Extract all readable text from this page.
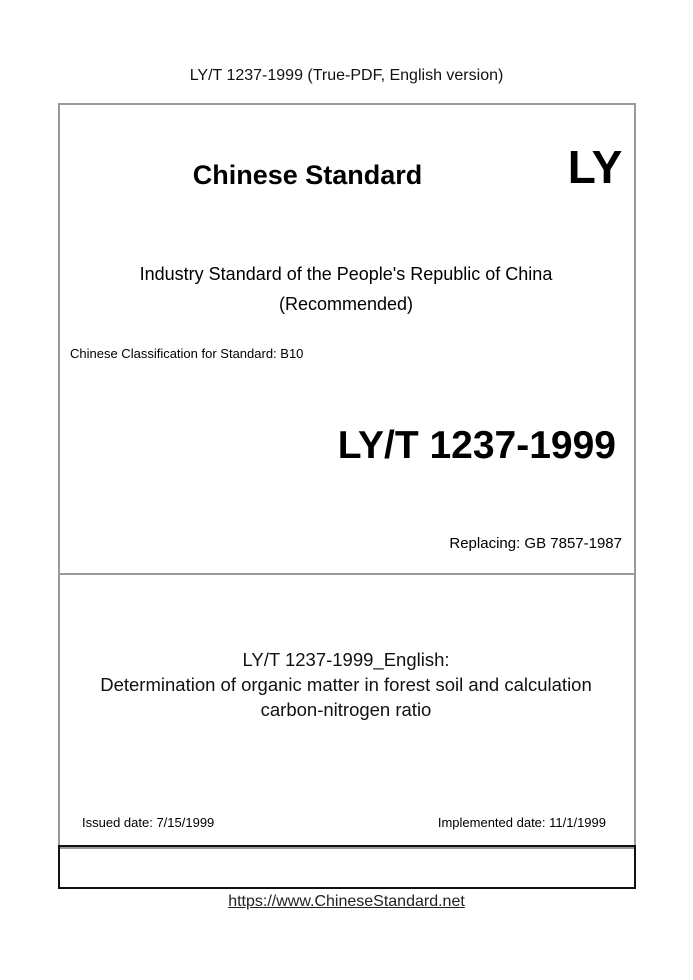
LY/T 1237-1999 (True-PDF, English version)
Chinese Standard	LY
Industry Standard of the People's Republic of China
(Recommended)
Chinese Classification for Standard: B10
LY/T 1237-1999
Replacing: GB 7857-1987
LY/T 1237-1999_English:
Determination of organic matter in forest soil and calculation
carbon-nitrogen ratio
Issued date: 7/15/1999	Implemented date: 11/1/1999
https://www.ChineseStandard.net
